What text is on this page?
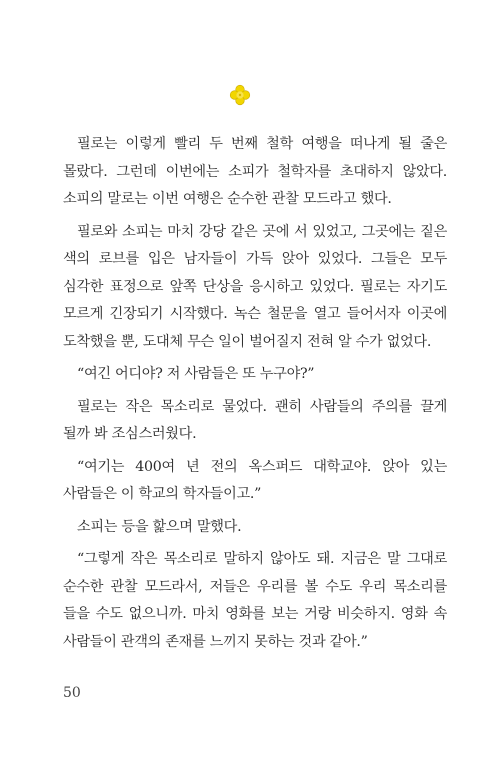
필로는 이렇게 빨리 두 번째 철학 여행을 떠나게 될 줄은 몰랐다. 그런데 이번에는 소피가 철학자를 초대하지 않았다. 소피의 말로는 이번 여행은 순수한 관찰 모드라고 했다.

필로와 소피는 마치 강당 같은 곳에 서 있었고, 그곳에는 짙은 색의 로브를 입은 남자들이 가득 앉아 있었다. 그들은 모두 심각한 표정으로 앞쪽 단상을 응시하고 있었다. 필로는 자기도 모르게 긴장되기 시작했다. 녹슨 철문을 열고 들어서자 이곳에 도착했을 뿐, 도대체 무슨 일이 벌어질지 전혀 알 수가 없었다.

“여긴 어디야? 저 사람들은 또 누구야?”

필로는 작은 목소리로 물었다. 괜히 사람들의 주의를 끌게 될까 봐 조심스러웠다.

“여기는 400여 년 전의 옥스퍼드 대학교야. 앉아 있는 사람들은 이 학교의 학자들이고.”

소피는 등을 핥으며 말했다.

“그렇게 작은 목소리로 말하지 않아도 돼. 지금은 말 그대로 순수한 관찰 모드라서, 저들은 우리를 볼 수도 우리 목소리를 들을 수도 없으니까. 마치 영화를 보는 거랑 비슷하지. 영화 속 사람들이 관객의 존재를 느끼지 못하는 것과 같아.”

50
